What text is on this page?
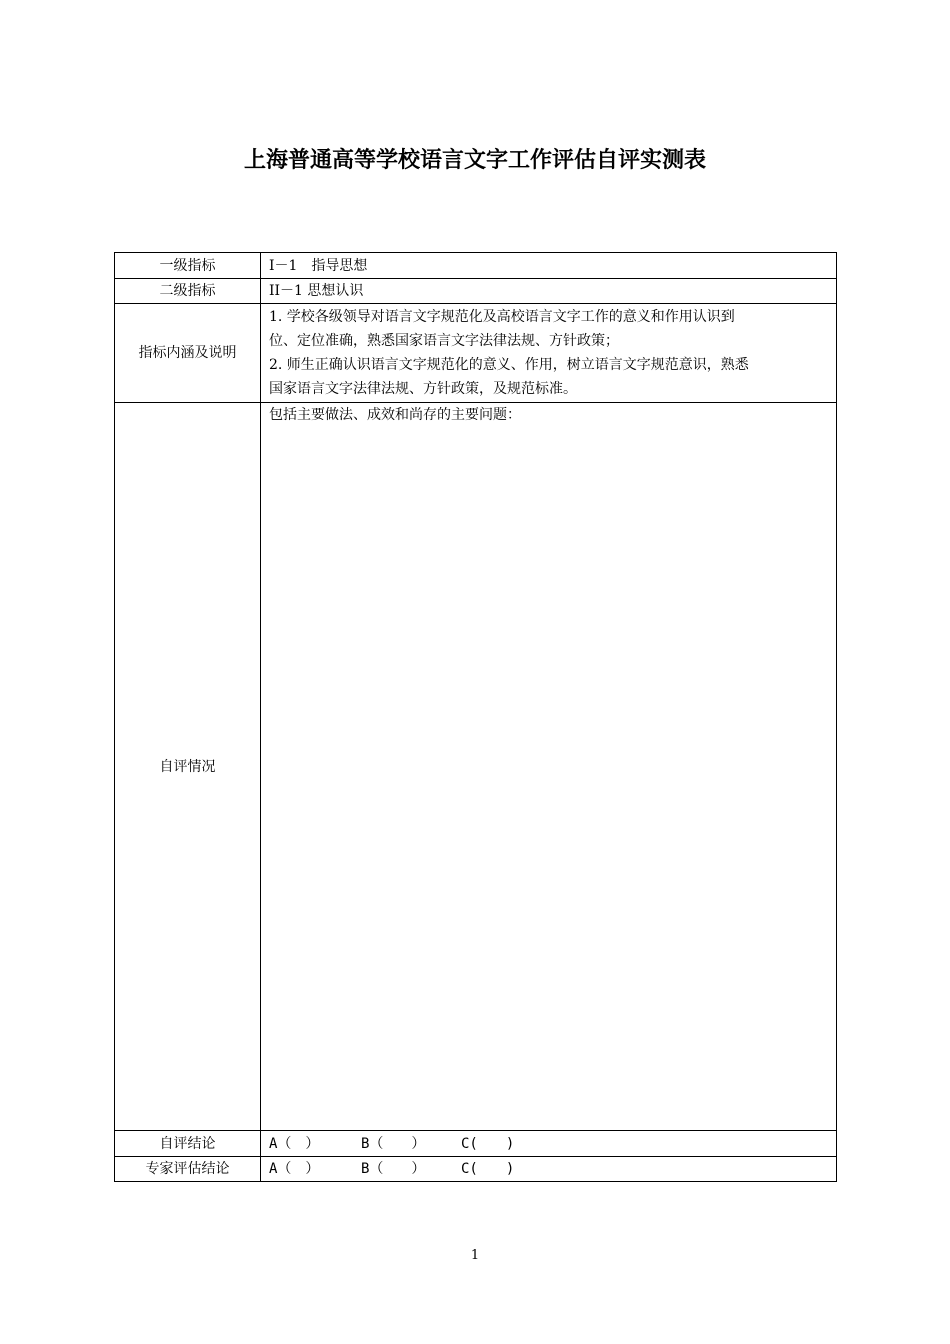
上海普通高等学校语言文字工作评估自评实测表
一级指标	Ⅰ－1　指导思想
二级指标	ⅠⅠ－1 思想认识
指标内涵及说明	1. 学校各级领导对语言文字规范化及高校语言文字工作的意义和作用认识到
位、定位准确，熟悉国家语言文字法律法规、方针政策；
2. 师生正确认识语言文字规范化的意义、作用，树立语言文字规范意识，熟悉
国家语言文字法律法规、方针政策，及规范标准。

自评情况	包括主要做法、成效和尚存的主要问题：
自评结论	A（　） B（　　） C(　　)
专家评估结论	A（　） B（　　） C(　　)
1
